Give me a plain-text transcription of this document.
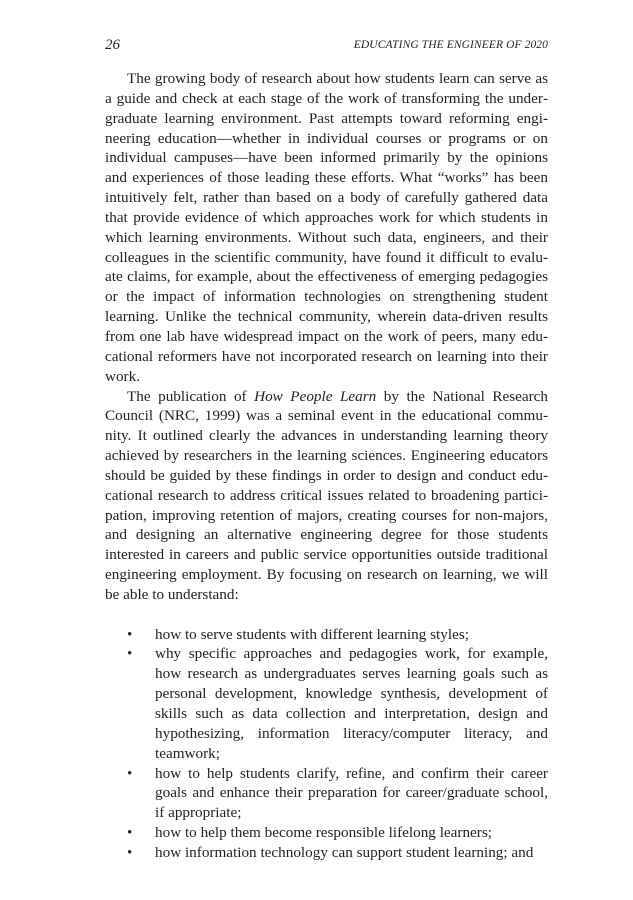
26	EDUCATING THE ENGINEER OF 2020

The growing body of research about how students learn can serve as a guide and check at each stage of the work of transforming the undergraduate learning environment. Past attempts toward reforming engineering education—whether in individual courses or programs or on individual campuses—have been informed primarily by the opinions and experiences of those leading these efforts. What “works” has been intuitively felt, rather than based on a body of carefully gathered data that provide evidence of which approaches work for which students in which learning environments. Without such data, engineers, and their colleagues in the scientific community, have found it difficult to evaluate claims, for example, about the effectiveness of emerging pedagogies or the impact of information technologies on strengthening student learning. Unlike the technical community, wherein data-driven results from one lab have widespread impact on the work of peers, many educational reformers have not incorporated research on learning into their work.

The publication of How People Learn by the National Research Council (NRC, 1999) was a seminal event in the educational community. It outlined clearly the advances in understanding learning theory achieved by researchers in the learning sciences. Engineering educators should be guided by these findings in order to design and conduct educational research to address critical issues related to broadening participation, improving retention of majors, creating courses for non-majors, and designing an alternative engineering degree for those students interested in careers and public service opportunities outside traditional engineering employment. By focusing on research on learning, we will be able to understand:

• how to serve students with different learning styles;
• why specific approaches and pedagogies work, for example, how research as undergraduates serves learning goals such as personal development, knowledge synthesis, development of skills such as data collection and interpretation, design and hypothesizing, information literacy/computer literacy, and teamwork;
• how to help students clarify, refine, and confirm their career goals and enhance their preparation for career/graduate school, if appropriate;
• how to help them become responsible lifelong learners;
• how information technology can support student learning; and
